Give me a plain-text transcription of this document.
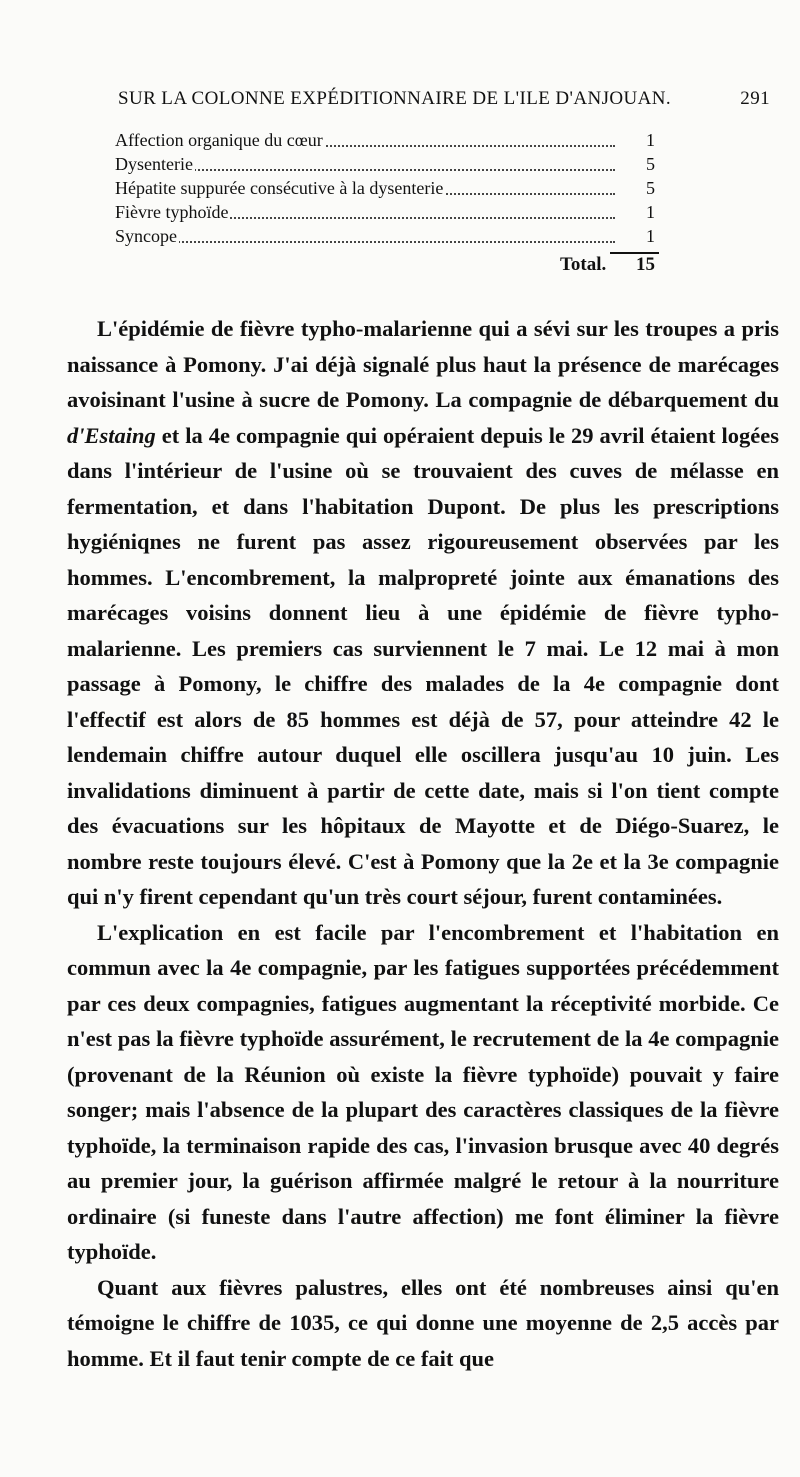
SUR LA COLONNE EXPÉDITIONNAIRE DE L'ILE D'ANJOUAN.	291
Affection organique du cœur	1
Dysenterie	5
Hépatite suppurée consécutive à la dysenterie	5
Fièvre typhoïde	1
Syncope	1
Total.	15

L'épidémie de fièvre typho-malarienne qui a sévi sur les troupes a pris naissance à Pomony. J'ai déjà signalé plus haut la présence de marécages avoisinant l'usine à sucre de Pomony. La compagnie de débarquement du d'Estaing et la 4e compagnie qui opéraient depuis le 29 avril étaient logées dans l'intérieur de l'usine où se trouvaient des cuves de mélasse en fermentation, et dans l'habitation Dupont. De plus les prescriptions hygiéniqnes ne furent pas assez rigoureusement observées par les hommes. L'encombrement, la malpropreté jointe aux émanations des marécages voisins donnent lieu à une épidémie de fièvre typho-malarienne. Les premiers cas surviennent le 7 mai. Le 12 mai à mon passage à Pomony, le chiffre des malades de la 4e compagnie dont l'effectif est alors de 85 hommes est déjà de 57, pour atteindre 42 le lendemain chiffre autour duquel elle oscillera jusqu'au 10 juin. Les invalidations diminuent à partir de cette date, mais si l'on tient compte des évacuations sur les hôpitaux de Mayotte et de Diégo-Suarez, le nombre reste toujours élevé. C'est à Pomony que la 2e et la 3e compagnie qui n'y firent cependant qu'un très court séjour, furent contaminées.

L'explication en est facile par l'encombrement et l'habitation en commun avec la 4e compagnie, par les fatigues supportées précédemment par ces deux compagnies, fatigues augmentant la réceptivité morbide. Ce n'est pas la fièvre typhoïde assurément, le recrutement de la 4e compagnie (provenant de la Réunion où existe la fièvre typhoïde) pouvait y faire songer; mais l'absence de la plupart des caractères classiques de la fièvre typhoïde, la terminaison rapide des cas, l'invasion brusque avec 40 degrés au premier jour, la guérison affirmée malgré le retour à la nourriture ordinaire (si funeste dans l'autre affection) me font éliminer la fièvre typhoïde.

Quant aux fièvres palustres, elles ont été nombreuses ainsi qu'en témoigne le chiffre de 1035, ce qui donne une moyenne de 2,5 accès par homme. Et il faut tenir compte de ce fait que
